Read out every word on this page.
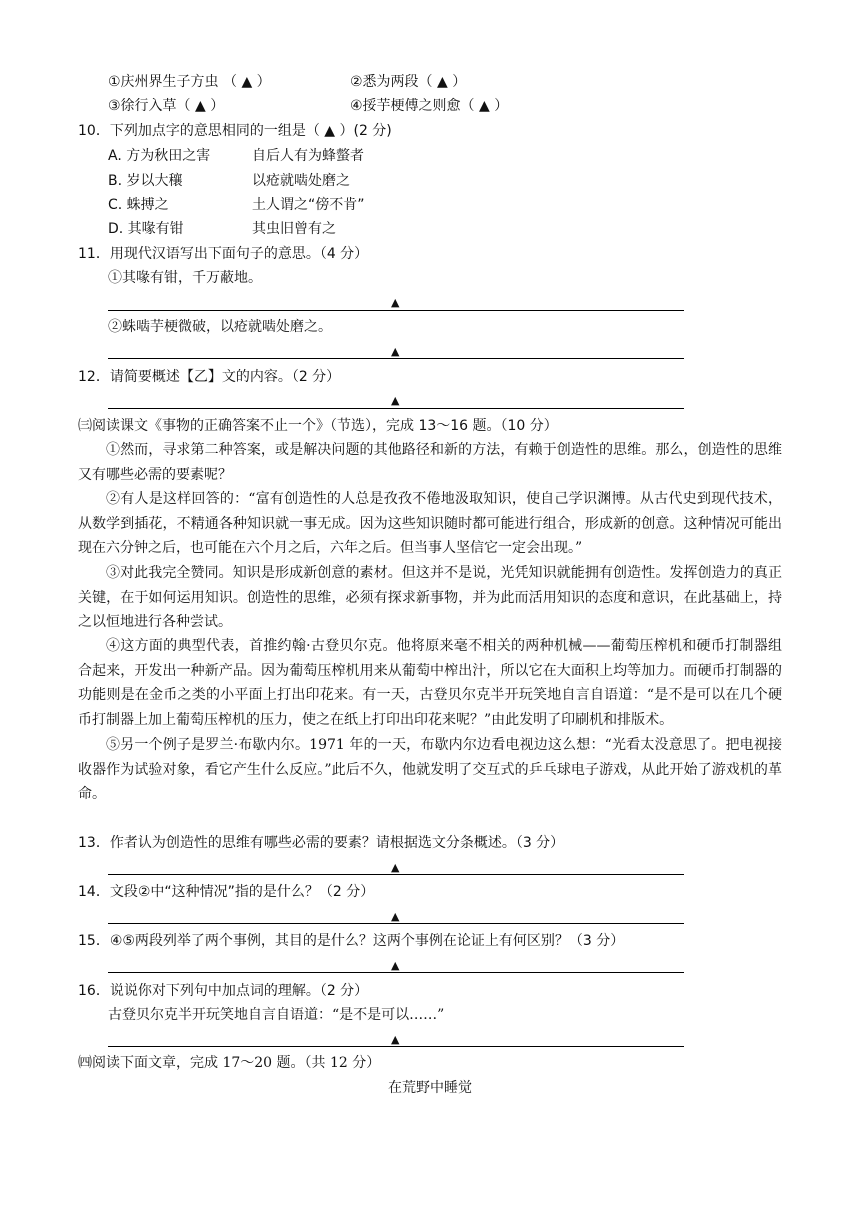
①庆州界生子方虫 （ ▲ ）	②悉为两段（ ▲ ）
③徐行入草（ ▲ ）	④挼芋梗傅之则愈（ ▲ ）
10．下列加点字的意思相同的一组是（ ▲ ）(2 分)
A. 方为秋田之害	自后人有为蜂螫者
B. 岁以大穰	以疮就啮处磨之
C. 蛛搏之	土人谓之“傍不肯”
D. 其喙有钳	其虫旧曾有之
11．用现代汉语写出下面句子的意思。（4 分）
①其喙有钳，千万蔽地。
▲
②蛛啮芋梗微破，以疮就啮处磨之。
▲
12．请简要概述【乙】文的内容。（2 分）
▲
㈢阅读课文《事物的正确答案不止一个》（节选），完成 13～16 题。（10 分）
①然而，寻求第二种答案，或是解决问题的其他路径和新的方法，有赖于创造性的思维。那么，创造性的思维又有哪些必需的要素呢？
②有人是这样回答的：“富有创造性的人总是孜孜不倦地汲取知识，使自己学识渊博。从古代史到现代技术，从数学到插花，不精通各种知识就一事无成。因为这些知识随时都可能进行组合，形成新的创意。这种情况可能出现在六分钟之后，也可能在六个月之后，六年之后。但当事人坚信它一定会出现。”
③对此我完全赞同。知识是形成新创意的素材。但这并不是说，光凭知识就能拥有创造性。发挥创造力的真正关键，在于如何运用知识。创造性的思维，必须有探求新事物，并为此而活用知识的态度和意识，在此基础上，持之以恒地进行各种尝试。
④这方面的典型代表，首推约翰·古登贝尔克。他将原来毫不相关的两种机械——葡萄压榨机和硬币打制器组合起来，开发出一种新产品。因为葡萄压榨机用来从葡萄中榨出汁，所以它在大面积上均等加力。而硬币打制器的功能则是在金币之类的小平面上打出印花来。有一天，古登贝尔克半开玩笑地自言自语道：“是不是可以在几个硬币打制器上加上葡萄压榨机的压力，使之在纸上打印出印花来呢？”由此发明了印刷机和排版术。
⑤另一个例子是罗兰·布歇内尔。1971 年的一天，布歇内尔边看电视边这么想：“光看太没意思了。把电视接收器作为试验对象，看它产生什么反应。”此后不久，他就发明了交互式的乒乓球电子游戏，从此开始了游戏机的革命。
13．作者认为创造性的思维有哪些必需的要素？请根据选文分条概述。（3 分）
▲
14．文段②中“这种情况”指的是什么？（2 分）
▲
15．④⑤两段列举了两个事例，其目的是什么？这两个事例在论证上有何区别？（3 分）
▲
16．说说你对下列句中加点词的理解。（2 分）
古登贝尔克半开玩笑地自言自语道：“是不是可以……”
▲
㈣阅读下面文章，完成 17～20 题。（共 12 分）
在荒野中睡觉
